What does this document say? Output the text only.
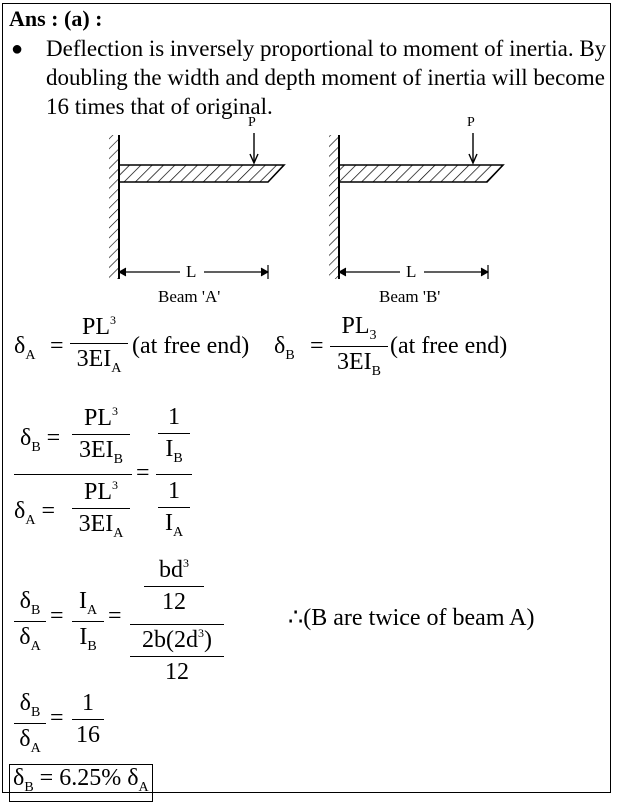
Ans : (a) :
● Deflection is inversely proportional to moment of inertia. By doubling the width and depth moment of inertia will become 16 times that of original.
P
L
Beam 'A'
P
L
Beam 'B'
$\delta_A$ =
$PL^3$
$3EI_A$
(at free end) $\delta_B$ =
$PL_3$
$3EI_B$
(at free end)
$\delta_B$ =
$PL^3$
$3EI_B$
$\delta_A$ =
$PL^3$
$3EI_A$
=
1
$I_B$
1
$I_A$
$\delta_B$
$\delta_A$
=
$I_A$
$I_B$
=
$bd^3$
12
$2b(2d^3)$
12
∴(B are twice of beam A)
$\delta_B$
$\delta_A$
=
1
16
$\delta_B = 6.25\%$ $\delta_A$
